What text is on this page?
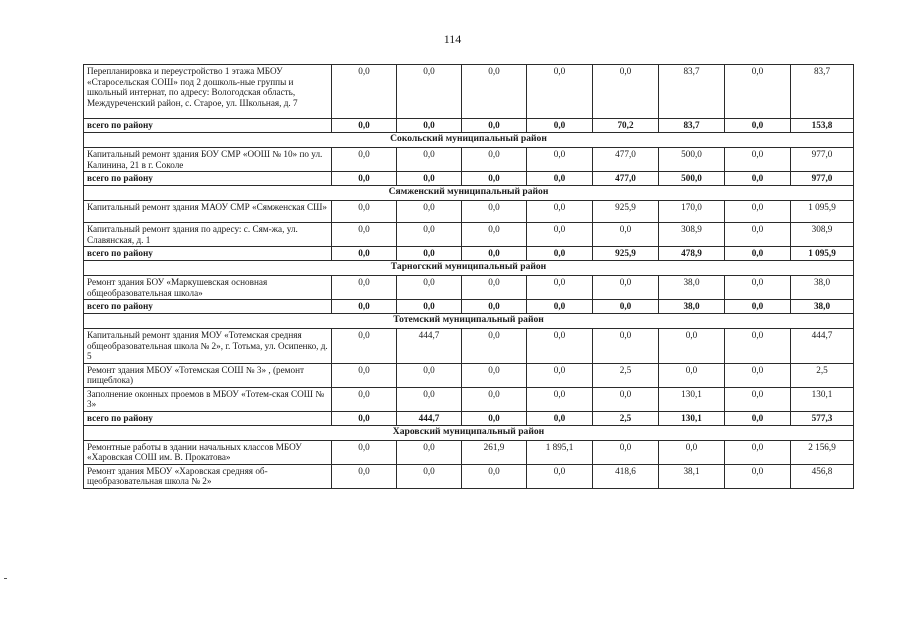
114
Перепланировка и переустройство 1 этажа МБОУ «Старосельская СОШ» под 2 дошколь-ные группы и школьный интернат, по адресу: Вологодская область, Междуреченский район, с. Старое, ул. Школьная, д. 7	0,0	0,0	0,0	0,0	0,0	83,7	0,0	83,7
всего по району	0,0	0,0	0,0	0,0	70,2	83,7	0,0	153,8
Сокольский муниципальный район								
Капитальный ремонт здания БОУ СМР «ООШ № 10» по ул. Калинина, 21 в г. Соколе	0,0	0,0	0,0	0,0	477,0	500,0	0,0	977,0
всего по району	0,0	0,0	0,0	0,0	477,0	500,0	0,0	977,0
Сямженский муниципальный район								
Капитальный ремонт здания МАОУ СМР «Сямженская СШ»	0,0	0,0	0,0	0,0	925,9	170,0	0,0	1 095,9
Капитальный ремонт здания по адресу: с. Сям-жа, ул. Славянская, д. 1	0,0	0,0	0,0	0,0	0,0	308,9	0,0	308,9
всего по району	0,0	0,0	0,0	0,0	925,9	478,9	0,0	1 095,9
Тарногский муниципальный район								
Ремонт здания БОУ «Маркушевская основная общеобразовательная школа»	0,0	0,0	0,0	0,0	0,0	38,0	0,0	38,0
всего по району	0,0	0,0	0,0	0,0	0,0	38,0	0,0	38,0
Тотемский муниципальный район								
Капитальный ремонт здания МОУ «Тотемская средняя общеобразовательная школа № 2», г. Тотьма, ул. Осипенко, д. 5	0,0	444,7	0,0	0,0	0,0	0,0	0,0	444,7
Ремонт здания МБОУ «Тотемская СОШ № 3» , (ремонт пищеблока)	0,0	0,0	0,0	0,0	2,5	0,0	0,0	2,5
Заполнение оконных проемов в МБОУ «Тотем-ская СОШ № 3»	0,0	0,0	0,0	0,0	0,0	130,1	0,0	130,1
всего по району	0,0	444,7	0,0	0,0	2,5	130,1	0,0	577,3
Харовский муниципальный район								
Ремонтные работы в здании начальных классов МБОУ «Харовская СОШ им. В. Прокатова»	0,0	0,0	261,9	1 895,1	0,0	0,0	0,0	2 156,9
Ремонт здания МБОУ «Харовская средняя об-щеобразовательная школа № 2»	0,0	0,0	0,0	0,0	418,6	38,1	0,0	456,8
